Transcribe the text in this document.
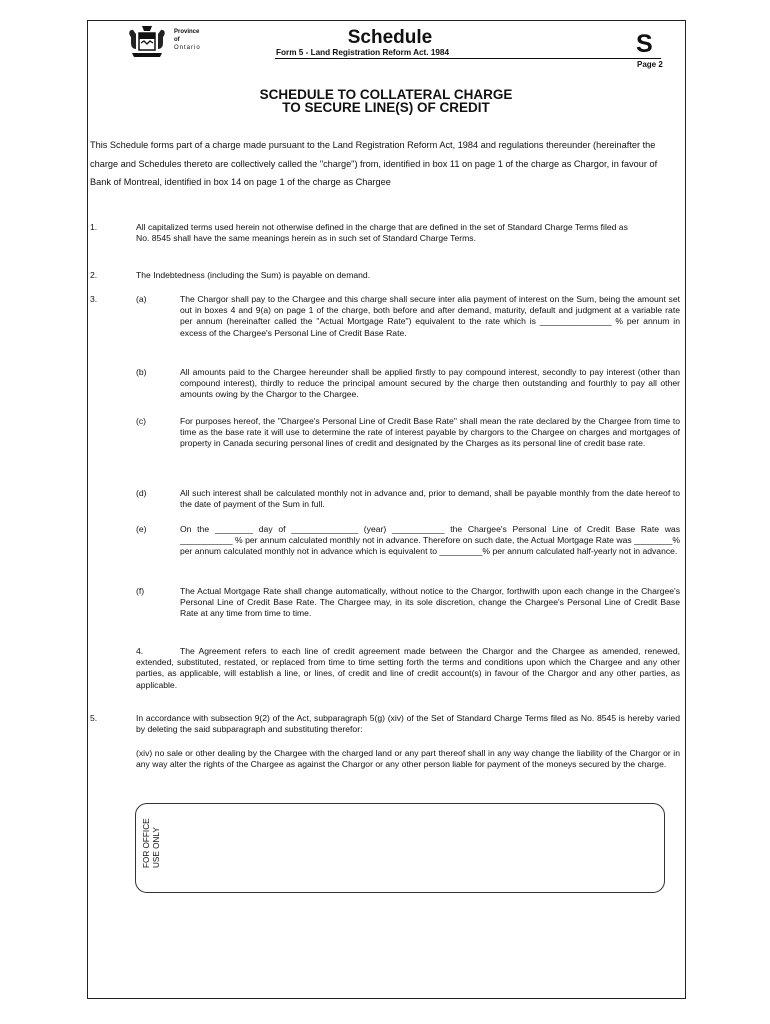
Province
of
Ontario	Schedule
Form 5 - Land Registration Reform Act. 1984	S
Page 2
SCHEDULE TO COLLATERAL CHARGE
TO SECURE LINE(S) OF CREDIT
This Schedule forms part of a charge made pursuant to the Land Registration Reform Act, 1984 and regulations thereunder (hereinafter the charge and Schedules thereto are collectively called the "charge") from, identified in box 11 on page 1 of the charge as Chargor, in favour of Bank of Montreal, identified in box 14 on page 1 of the charge as Chargee
1.	All capitalized terms used herein not otherwise defined in the charge that are defined in the set of Standard Charge Terms filed as No. 8545 shall have the same meanings herein as in such set of Standard Charge Terms.
2.	The Indebtedness (including the Sum) is payable on demand.
3.	(a)	The Chargor shall pay to the Chargee and this charge shall secure inter alia payment of interest on the Sum, being the amount set out in boxes 4 and 9(a) on page 1 of the charge, both before and after demand, maturity, default and judgment at a variable rate per annum (hereinafter called the "Actual Mortgage Rate") equivalent to the rate which is _______________ % per annum in excess of the Chargee's Personal Line of Credit Base Rate.
(b)	All amounts paid to the Chargee hereunder shall be applied firstly to pay compound interest, secondly to pay interest (other than compound interest), thirdly to reduce the principal amount secured by the charge then outstanding and fourthly to pay all other amounts owing by the Chargor to the Chargee.
(c)	For purposes hereof, the "Chargee's Personal Line of Credit Base Rate" shall mean the rate declared by the Chargee from time to time as the base rate it will use to determine the rate of interest payable by chargors to the Chargee on charges and mortgages of property in Canada securing personal lines of credit and designated by the Charges as its personal line of credit base rate.
(d)	All such interest shall be calculated monthly not in advance and, prior to demand, shall be payable monthly from the date hereof to the date of payment of the Sum in full.
(e)	On the ________ day of ______________ (year) ___________ the Chargee's Personal Line of Credit Base Rate was ___________ % per annum calculated monthly not in advance. Therefore on such date, the Actual Mortgage Rate was ________% per annum calculated monthly not in advance which is equivalent to _________% per annum calculated half-yearly not in advance.
(f)	The Actual Mortgage Rate shall change automatically, without notice to the Chargor, forthwith upon each change in the Chargee's Personal Line of Credit Base Rate. The Chargee may, in its sole discretion, change the Chargee's Personal Line of Credit Base Rate at any time from time to time.
4.	The Agreement refers to each line of credit agreement made between the Chargor and the Chargee as amended, renewed, extended, substituted, restated, or replaced from time to time setting forth the terms and conditions upon which the Chargee and any other parties, as applicable, will establish a line, or lines, of credit and line of credit account(s) in favour of the Chargor and any other parties, as applicable.
5.	In accordance with subsection 9(2) of the Act, subparagraph 5(g) (xiv) of the Set of Standard Charge Terms filed as No. 8545 is hereby varied by deleting the said subparagraph and substituting therefor:
(xiv) no sale or other dealing by the Chargee with the charged land or any part thereof shall in any way change the liability of the Chargor or in any way alter the rights of the Chargee as against the Chargor or any other person liable for payment of the moneys secured by the charge.
FOR OFFICE USE ONLY
